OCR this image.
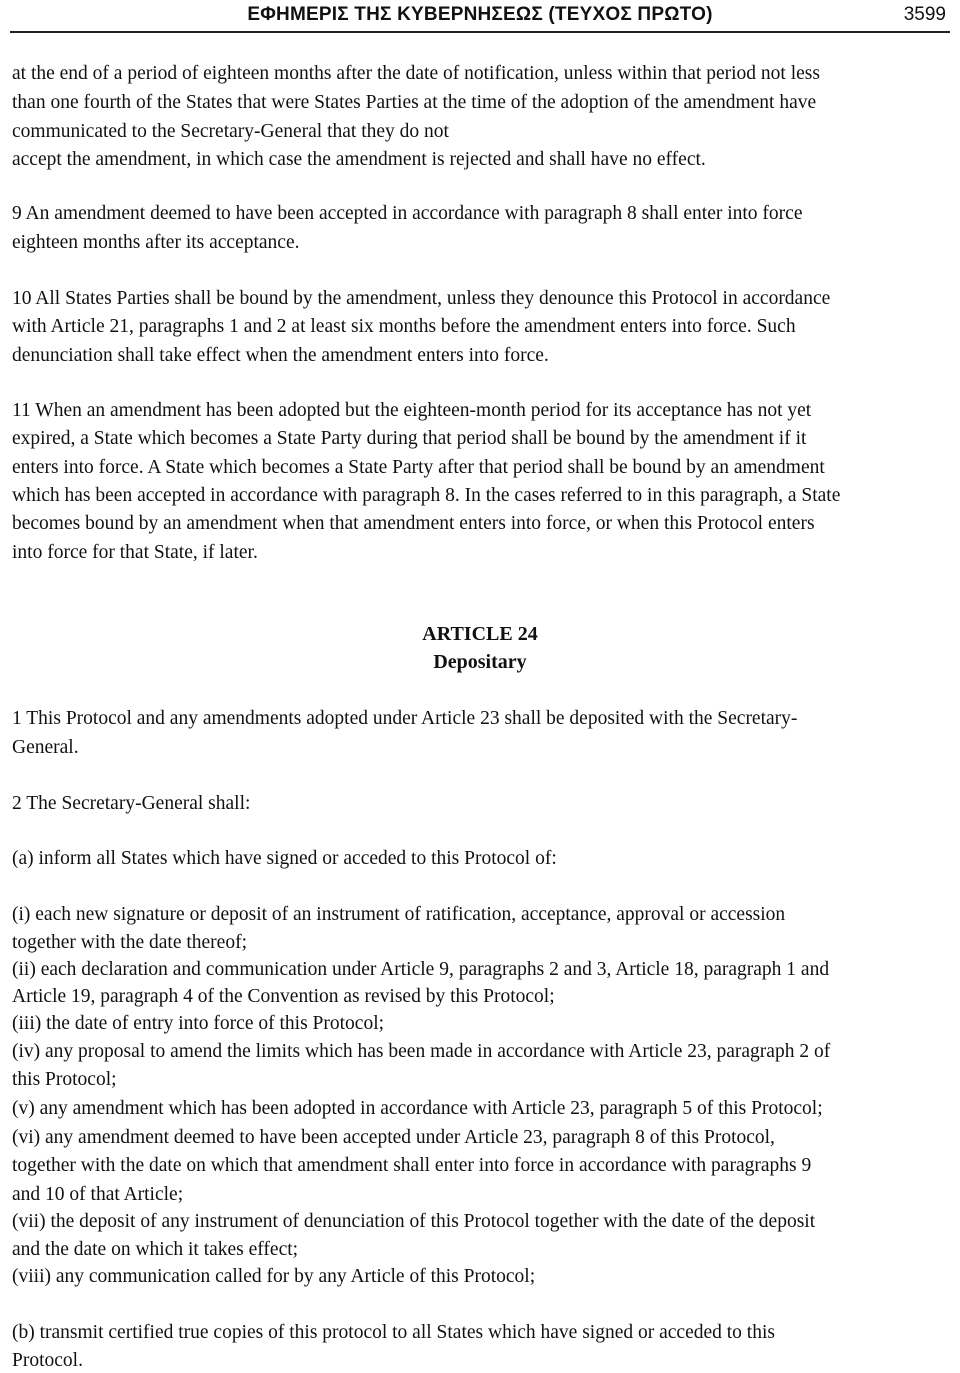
ΕΦΗΜΕΡΙΣ ΤΗΣ ΚΥΒΕΡΝΗΣΕΩΣ (ΤΕΥΧΟΣ ΠΡΩΤΟ)	3599
at the end of a period of eighteen months after the date of notification, unless within that period not less
than one fourth of the States that were States Parties at the time of the adoption of the amendment have
communicated to the Secretary-General that they do not
accept the amendment, in which case the amendment is rejected and shall have no effect.
9 An amendment deemed to have been accepted in accordance with paragraph 8 shall enter into force
eighteen months after its acceptance.
10 All States Parties shall be bound by the amendment, unless they denounce this Protocol in accordance
with Article 21, paragraphs 1 and 2 at least six months before the amendment enters into force. Such
denunciation shall take effect when the amendment enters into force.
11 When an amendment has been adopted but the eighteen-month period for its acceptance has not yet
expired, a State which becomes a State Party during that period shall be bound by the amendment if it
enters into force. A State which becomes a State Party after that period shall be bound by an amendment
which has been accepted in accordance with paragraph 8. In the cases referred to in this paragraph, a State
becomes bound by an amendment when that amendment enters into force, or when this Protocol enters
into force for that State, if later.
ARTICLE 24
Depositary
1 This Protocol and any amendments adopted under Article 23 shall be deposited with the Secretary-
General.
2 The Secretary-General shall:
(a) inform all States which have signed or acceded to this Protocol of:
(i) each new signature or deposit of an instrument of ratification, acceptance, approval or accession
together with the date thereof;
(ii) each declaration and communication under Article 9, paragraphs 2 and 3, Article 18, paragraph 1 and
Article 19, paragraph 4 of the Convention as revised by this Protocol;
(iii) the date of entry into force of this Protocol;
(iv) any proposal to amend the limits which has been made in accordance with Article 23, paragraph 2 of
this Protocol;
(v) any amendment which has been adopted in accordance with Article 23, paragraph 5 of this Protocol;
(vi) any amendment deemed to have been accepted under Article 23, paragraph 8 of this Protocol,
together with the date on which that amendment shall enter into force in accordance with paragraphs 9
and 10 of that Article;
(vii) the deposit of any instrument of denunciation of this Protocol together with the date of the deposit
and the date on which it takes effect;
(viii) any communication called for by any Article of this Protocol;
(b) transmit certified true copies of this protocol to all States which have signed or acceded to this
Protocol.
